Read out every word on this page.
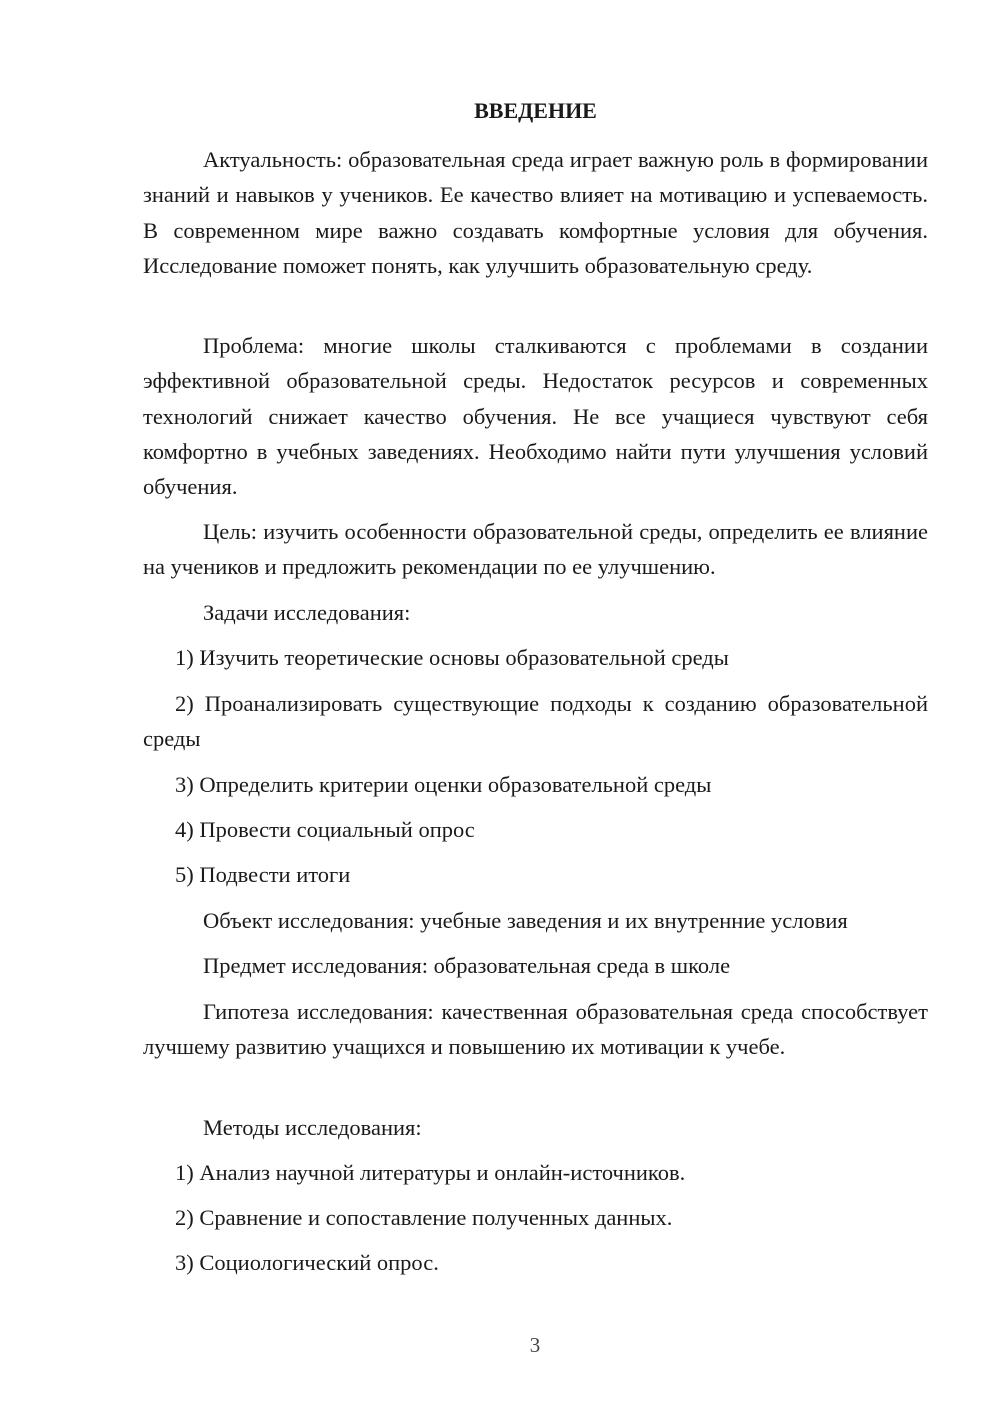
ВВЕДЕНИЕ

Актуальность: образовательная среда играет важную роль в формировании знаний и навыков у учеников. Ее качество влияет на мотивацию и успеваемость. В современном мире важно создавать комфортные условия для обучения. Исследование поможет понять, как улучшить образовательную среду.

Проблема: многие школы сталкиваются с проблемами в создании эффективной образовательной среды. Недостаток ресурсов и современных технологий снижает качество обучения. Не все учащиеся чувствуют себя комфортно в учебных заведениях. Необходимо найти пути улучшения условий обучения.

Цель: изучить особенности образовательной среды, определить ее влияние на учеников и предложить рекомендации по ее улучшению.

Задачи исследования:

1) Изучить теоретические основы образовательной среды

2) Проанализировать существующие подходы к созданию образовательной среды

3) Определить критерии оценки образовательной среды

4) Провести социальный опрос

5) Подвести итоги

Объект исследования: учебные заведения и их внутренние условия

Предмет исследования: образовательная среда в школе

Гипотеза исследования: качественная образовательная среда способствует лучшему развитию учащихся и повышению их мотивации к учебе.

Методы исследования:

1) Анализ научной литературы и онлайн-источников.

2) Сравнение и сопоставление полученных данных.

3) Социологический опрос.

3
